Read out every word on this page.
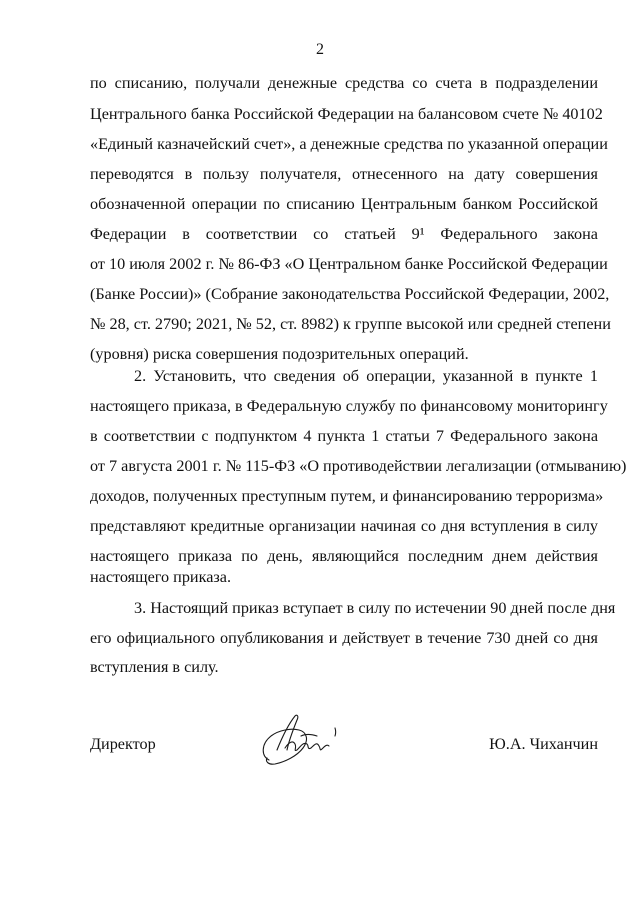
2
по списанию, получали денежные средства со счета в подразделении
Центрального банка Российской Федерации на балансовом счете № 40102
«Единый казначейский счет», а денежные средства по указанной операции
переводятся в пользу получателя, отнесенного на дату совершения
обозначенной операции по списанию Центральным банком Российской
Федерации в соответствии со статьей 9¹ Федерального закона
от 10 июля 2002 г. № 86-ФЗ «О Центральном банке Российской Федерации
(Банке России)» (Собрание законодательства Российской Федерации, 2002,
№ 28, ст. 2790; 2021, № 52, ст. 8982) к группе высокой или средней степени
(уровня) риска совершения подозрительных операций.
2. Установить, что сведения об операции, указанной в пункте 1
настоящего приказа, в Федеральную службу по финансовому мониторингу
в соответствии с подпунктом 4 пункта 1 статьи 7 Федерального закона
от 7 августа 2001 г. № 115-ФЗ «О противодействии легализации (отмыванию)
доходов, полученных преступным путем, и финансированию терроризма»
представляют кредитные организации начиная со дня вступления в силу
настоящего приказа по день, являющийся последним днем действия
настоящего приказа.
3. Настоящий приказ вступает в силу по истечении 90 дней после дня
его официального опубликования и действует в течение 730 дней со дня
вступления в силу.
Директор	Ю.А. Чиханчин
